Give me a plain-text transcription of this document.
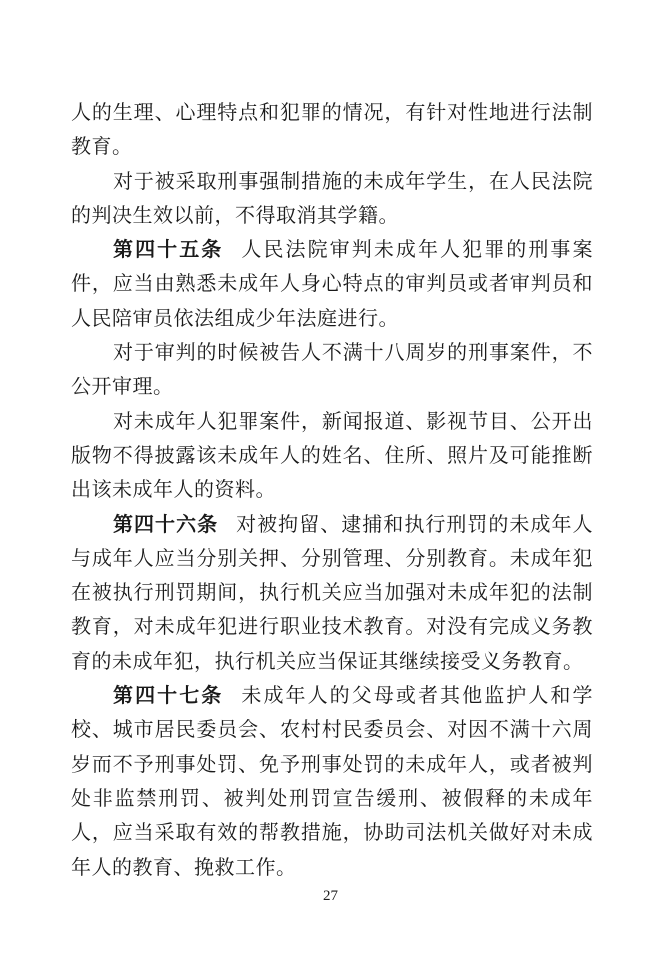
人的生理、心理特点和犯罪的情况，有针对性地进行法制教育。

对于被采取刑事强制措施的未成年学生，在人民法院的判决生效以前，不得取消其学籍。

第四十五条 人民法院审判未成年人犯罪的刑事案件，应当由熟悉未成年人身心特点的审判员或者审判员和人民陪审员依法组成少年法庭进行。

对于审判的时候被告人不满十八周岁的刑事案件，不公开审理。

对未成年人犯罪案件，新闻报道、影视节目、公开出版物不得披露该未成年人的姓名、住所、照片及可能推断出该未成年人的资料。

第四十六条 对被拘留、逮捕和执行刑罚的未成年人与成年人应当分别关押、分别管理、分别教育。未成年犯在被执行刑罚期间，执行机关应当加强对未成年犯的法制教育，对未成年犯进行职业技术教育。对没有完成义务教育的未成年犯，执行机关应当保证其继续接受义务教育。

第四十七条 未成年人的父母或者其他监护人和学校、城市居民委员会、农村村民委员会、对因不满十六周岁而不予刑事处罚、免予刑事处罚的未成年人，或者被判处非监禁刑罚、被判处刑罚宣告缓刑、被假释的未成年人，应当采取有效的帮教措施，协助司法机关做好对未成年人的教育、挽救工作。

27
